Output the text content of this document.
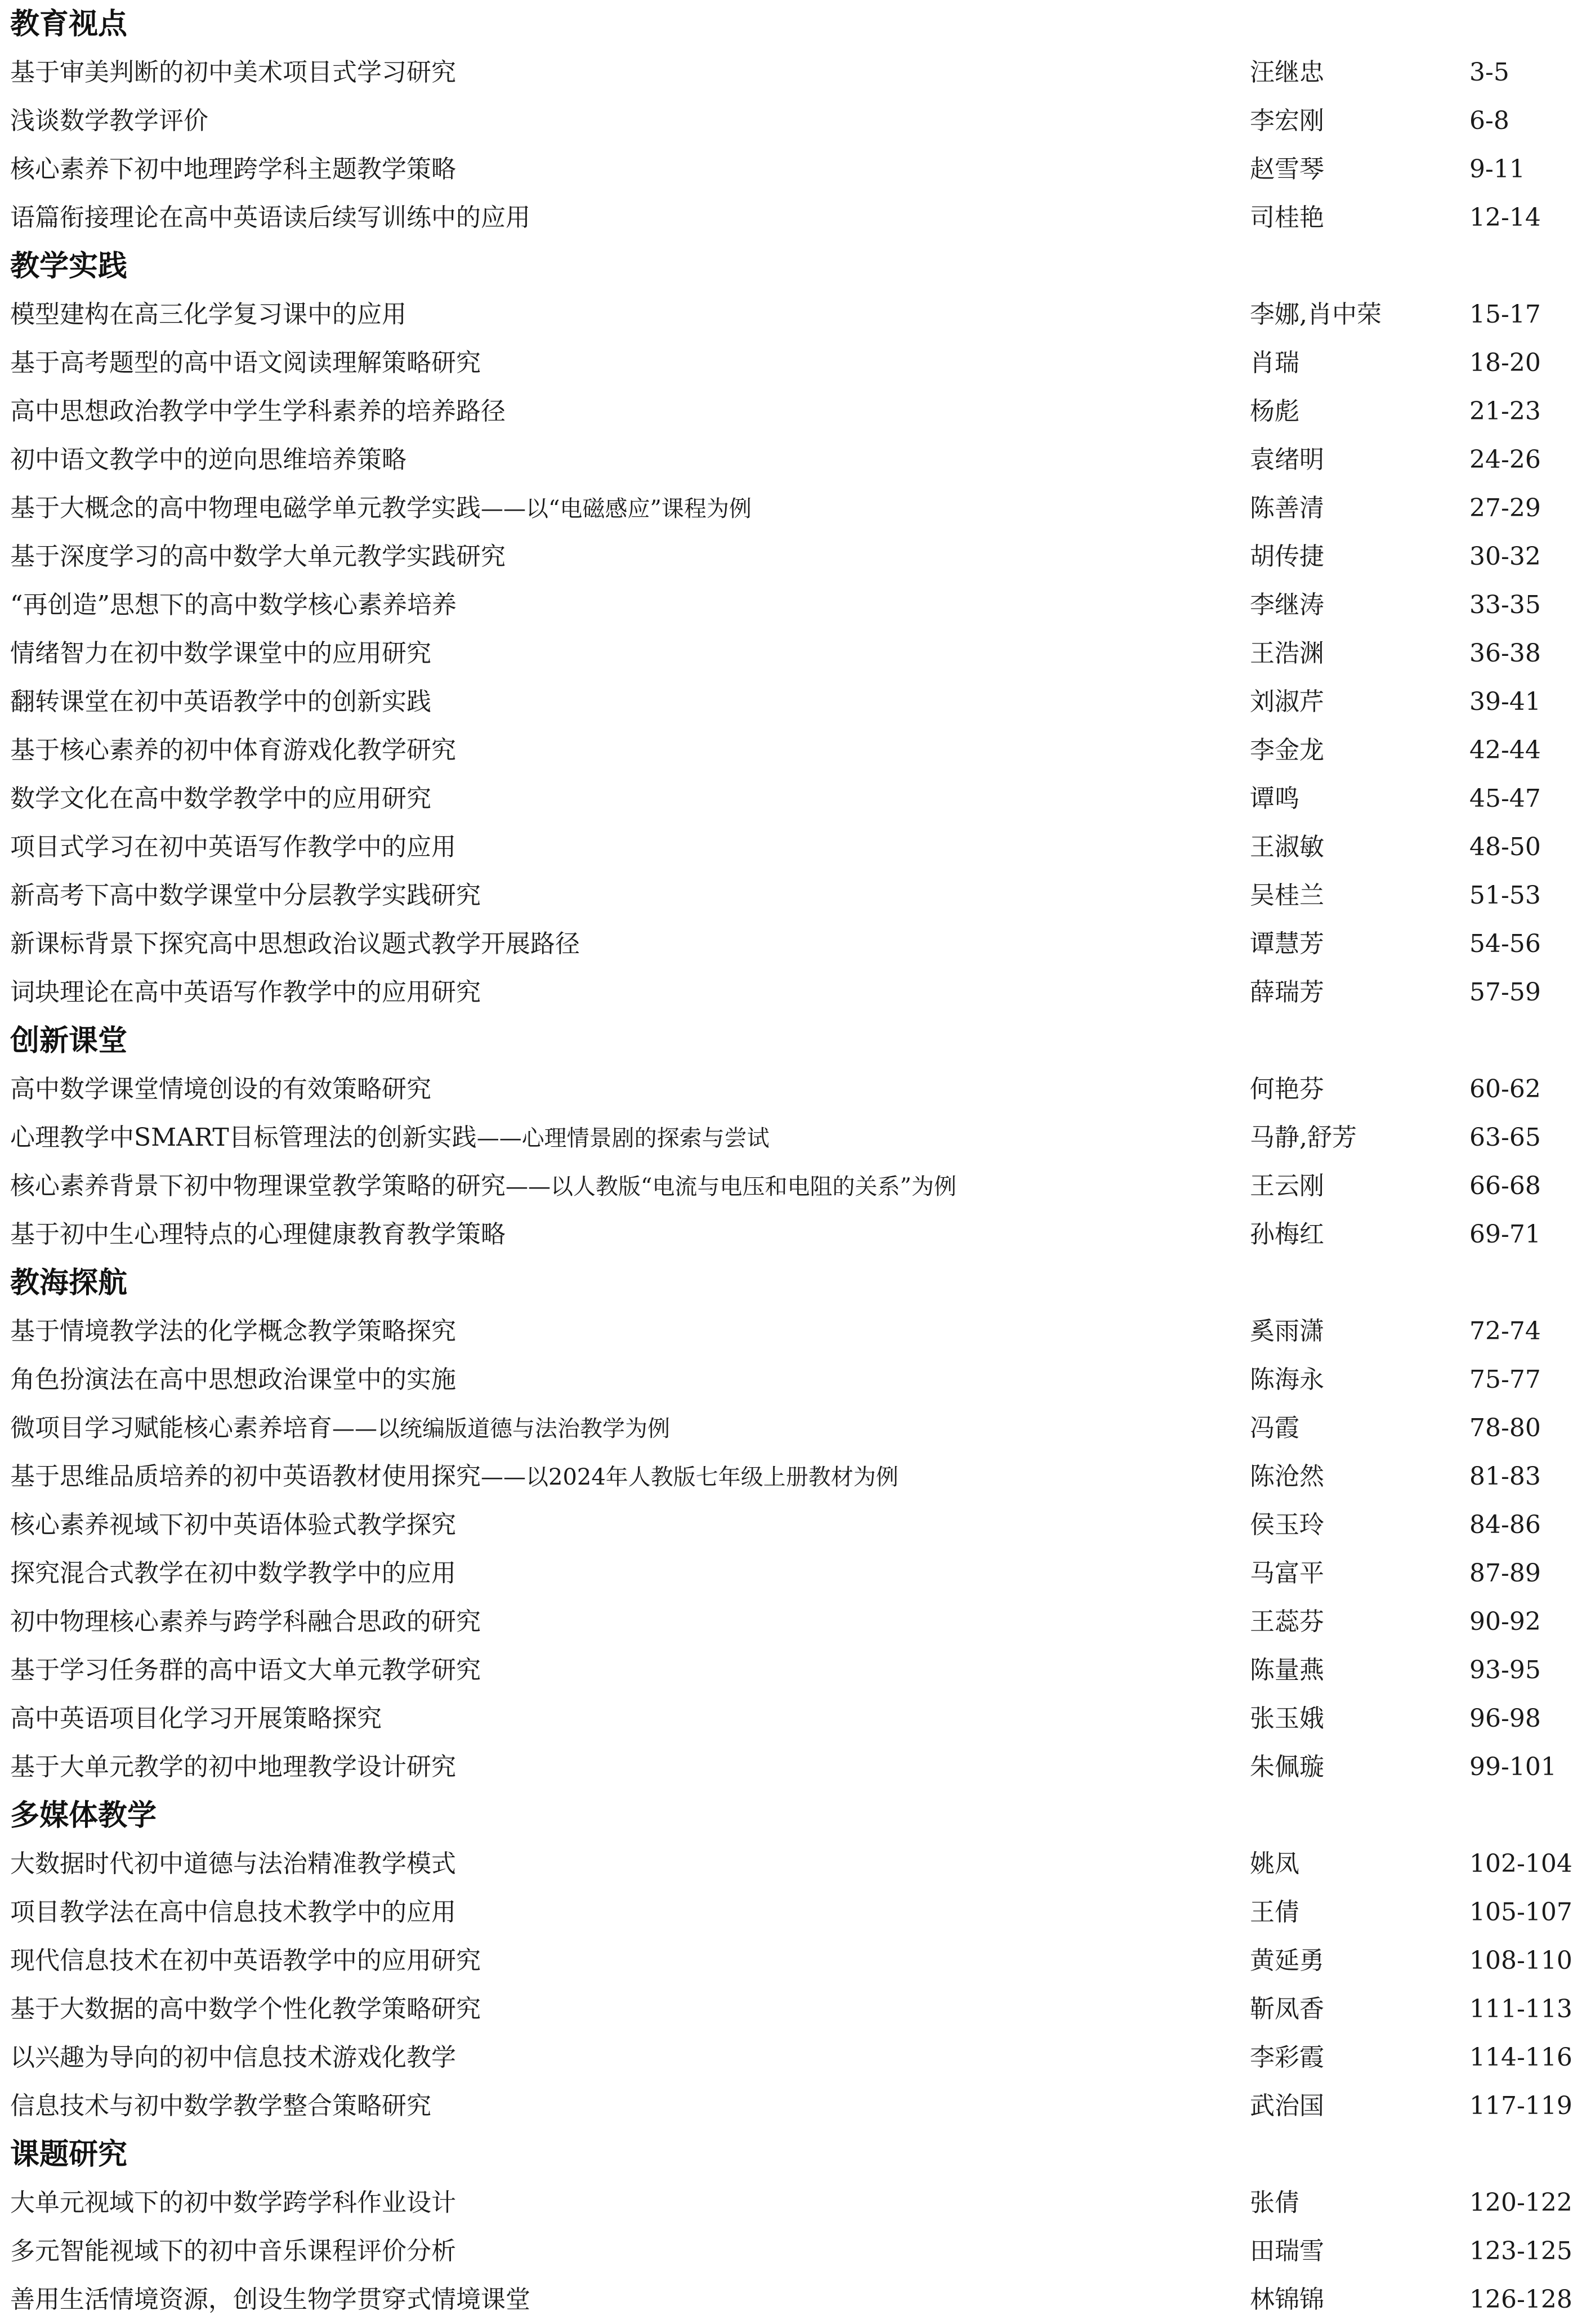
教育视点
基于审美判断的初中美术项目式学习研究	汪继忠	3-5
浅谈数学教学评价	李宏刚	6-8
核心素养下初中地理跨学科主题教学策略	赵雪琴	9-11
语篇衔接理论在高中英语读后续写训练中的应用	司桂艳	12-14
教学实践
模型建构在高三化学复习课中的应用	李娜,肖中荣	15-17
基于高考题型的高中语文阅读理解策略研究	肖瑞	18-20
高中思想政治教学中学生学科素养的培养路径	杨彪	21-23
初中语文教学中的逆向思维培养策略	袁绪明	24-26
基于大概念的高中物理电磁学单元教学实践——以“电磁感应”课程为例	陈善清	27-29
基于深度学习的高中数学大单元教学实践研究	胡传捷	30-32
“再创造”思想下的高中数学核心素养培养	李继涛	33-35
情绪智力在初中数学课堂中的应用研究	王浩渊	36-38
翻转课堂在初中英语教学中的创新实践	刘淑芹	39-41
基于核心素养的初中体育游戏化教学研究	李金龙	42-44
数学文化在高中数学教学中的应用研究	谭鸣	45-47
项目式学习在初中英语写作教学中的应用	王淑敏	48-50
新高考下高中数学课堂中分层教学实践研究	吴桂兰	51-53
新课标背景下探究高中思想政治议题式教学开展路径	谭慧芳	54-56
词块理论在高中英语写作教学中的应用研究	薛瑞芳	57-59
创新课堂
高中数学课堂情境创设的有效策略研究	何艳芬	60-62
心理教学中SMART目标管理法的创新实践——心理情景剧的探索与尝试	马静,舒芳	63-65
核心素养背景下初中物理课堂教学策略的研究——以人教版“电流与电压和电阻的关系”为例	王云刚	66-68
基于初中生心理特点的心理健康教育教学策略	孙梅红	69-71
教海探航
基于情境教学法的化学概念教学策略探究	奚雨潇	72-74
角色扮演法在高中思想政治课堂中的实施	陈海永	75-77
微项目学习赋能核心素养培育——以统编版道德与法治教学为例	冯霞	78-80
基于思维品质培养的初中英语教材使用探究——以2024年人教版七年级上册教材为例	陈沧然	81-83
核心素养视域下初中英语体验式教学探究	侯玉玲	84-86
探究混合式教学在初中数学教学中的应用	马富平	87-89
初中物理核心素养与跨学科融合思政的研究	王蕊芬	90-92
基于学习任务群的高中语文大单元教学研究	陈量燕	93-95
高中英语项目化学习开展策略探究	张玉娥	96-98
基于大单元教学的初中地理教学设计研究	朱佩璇	99-101
多媒体教学
大数据时代初中道德与法治精准教学模式	姚凤	102-104
项目教学法在高中信息技术教学中的应用	王倩	105-107
现代信息技术在初中英语教学中的应用研究	黄延勇	108-110
基于大数据的高中数学个性化教学策略研究	靳凤香	111-113
以兴趣为导向的初中信息技术游戏化教学	李彩霞	114-116
信息技术与初中数学教学整合策略研究	武治国	117-119
课题研究
大单元视域下的初中数学跨学科作业设计	张倩	120-122
多元智能视域下的初中音乐课程评价分析	田瑞雪	123-125
善用生活情境资源，创设生物学贯穿式情境课堂	林锦锦	126-128
